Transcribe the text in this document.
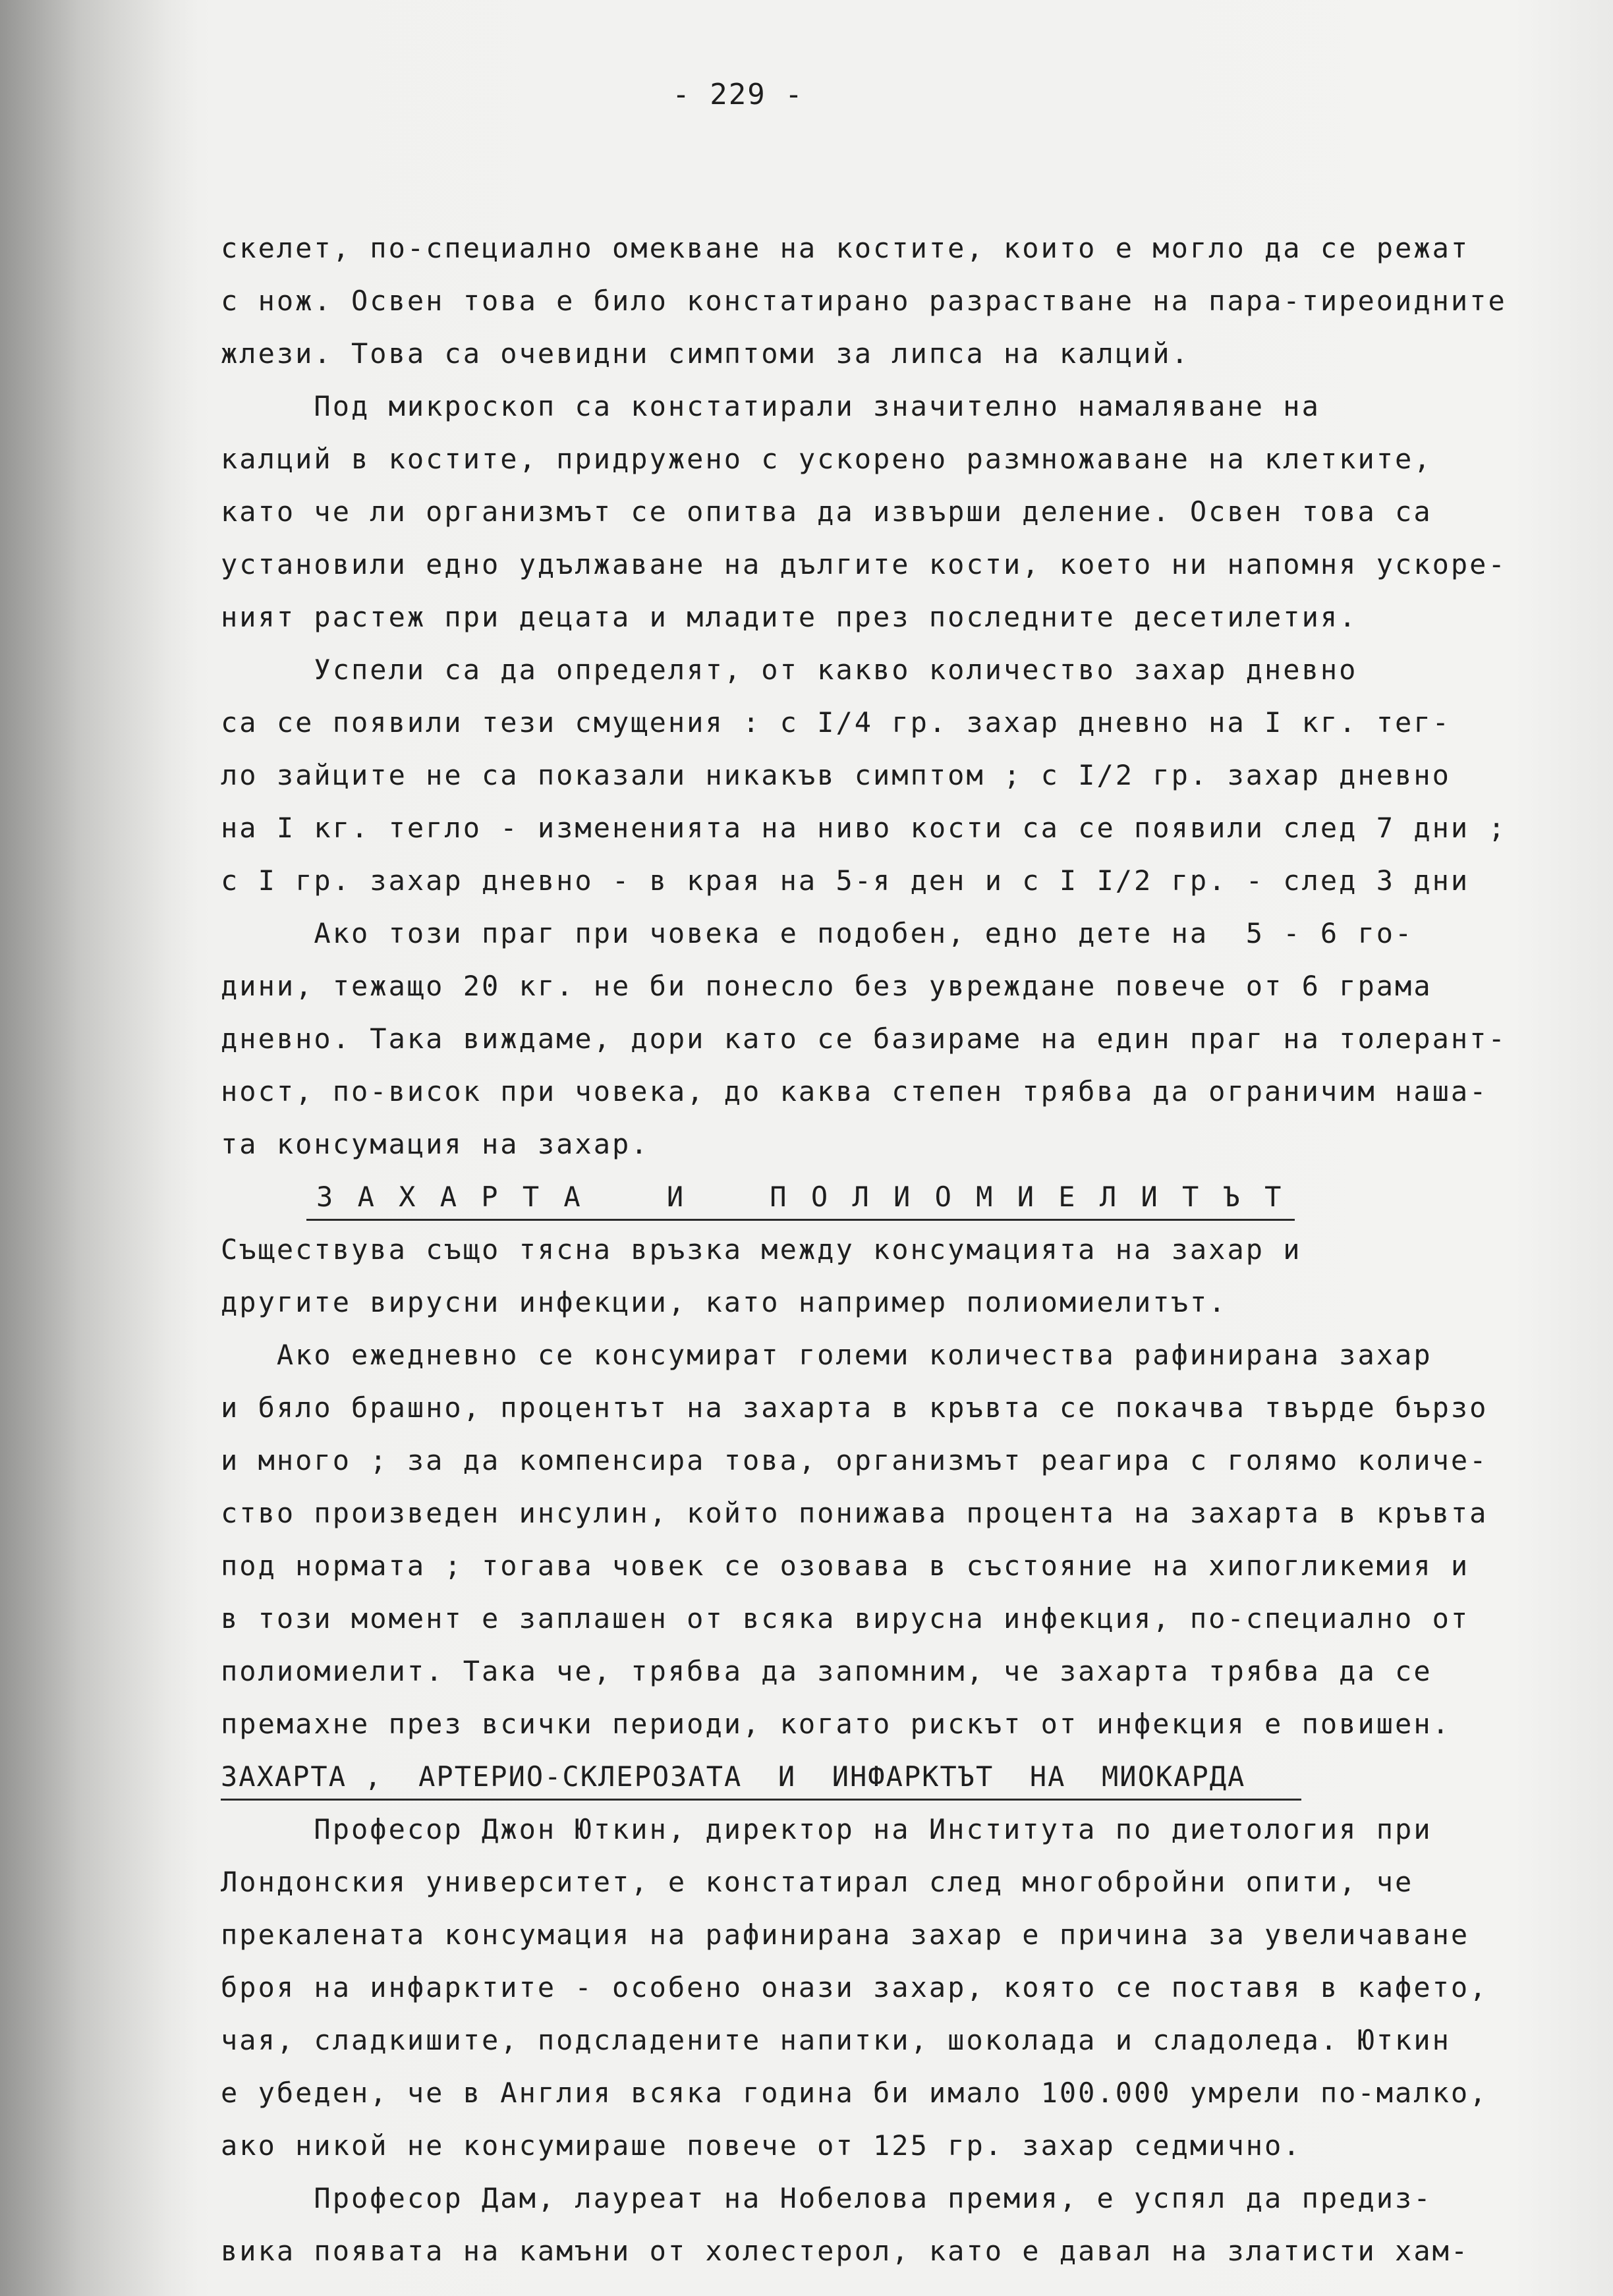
- 229 -
скелет, по-специално омекване на костите, които е могло да се режат
с нож. Освен това е било констатирано разрастване на пара-тиреоидните
жлези. Това са очевидни симптоми за липса на калций.
Под микроскоп са констатирали значително намаляване на
калций в костите, придружено с ускорено размножаване на клетките,
като че ли организмът се опитва да извърши деление. Освен това са
установили едно удължаване на дългите кости, което ни напомня ускоре-
ният растеж при децата и младите през последните десетилетия.
Успели са да определят, от какво количество захар дневно
са се появили тези смущения : с I/4 гр. захар дневно на I кг. тег-
ло зайците не са показали никакъв симптом ; с I/2 гр. захар дневно
на I кг. тегло - измененията на ниво кости са се появили след 7 дни ;
с I гр. захар дневно - в края на 5-я ден и с I I/2 гр. - след 3 дни
Ако този праг при човека е подобен, едно дете на  5 - 6 го-
дини, тежащо 20 кг. не би понесло без увреждане повече от 6 грама
дневно. Така виждаме, дори като се базираме на един праг на толерант-
ност, по-висок при човека, до каква степен трябва да ограничим наша-
та консумация на захар.
З А Х А Р Т А    И    П О Л И О М И Е Л И Т Ъ Т
Съществува също тясна връзка между консумацията на захар и
другите вирусни инфекции, като например полиомиелитът.
Ако ежедневно се консумират големи количества рафинирана захар
и бяло брашно, процентът на захарта в кръвта се покачва твърде бързо
и много ; за да компенсира това, организмът реагира с голямо количе-
ство произведен инсулин, който понижава процента на захарта в кръвта
под нормата ; тогава човек се озовава в състояние на хипогликемия и
в този момент е заплашен от всяка вирусна инфекция, по-специално от
полиомиелит. Така че, трябва да запомним, че захарта трябва да се
премахне през всички периоди, когато рискът от инфекция е повишен.
ЗАХАРТА ,  АРТЕРИО-СКЛЕРОЗАТА  И  ИНФАРКТЪТ  НА  МИОКАРДА
Професор Джон Юткин, директор на Института по диетология при
Лондонския университет, е констатирал след многобройни опити, че
прекалената консумация на рафинирана захар е причина за увеличаване
броя на инфарктите - особено онази захар, която се поставя в кафето,
чая, сладкишите, подсладените напитки, шоколада и сладоледа. Юткин
е убеден, че в Англия всяка година би имало 100.000 умрели по-малко,
ако никой не консумираше повече от 125 гр. захар седмично.
Професор Дам, лауреат на Нобелова премия, е успял да предиз-
вика появата на камъни от холестерол, като е давал на златисти хам-
